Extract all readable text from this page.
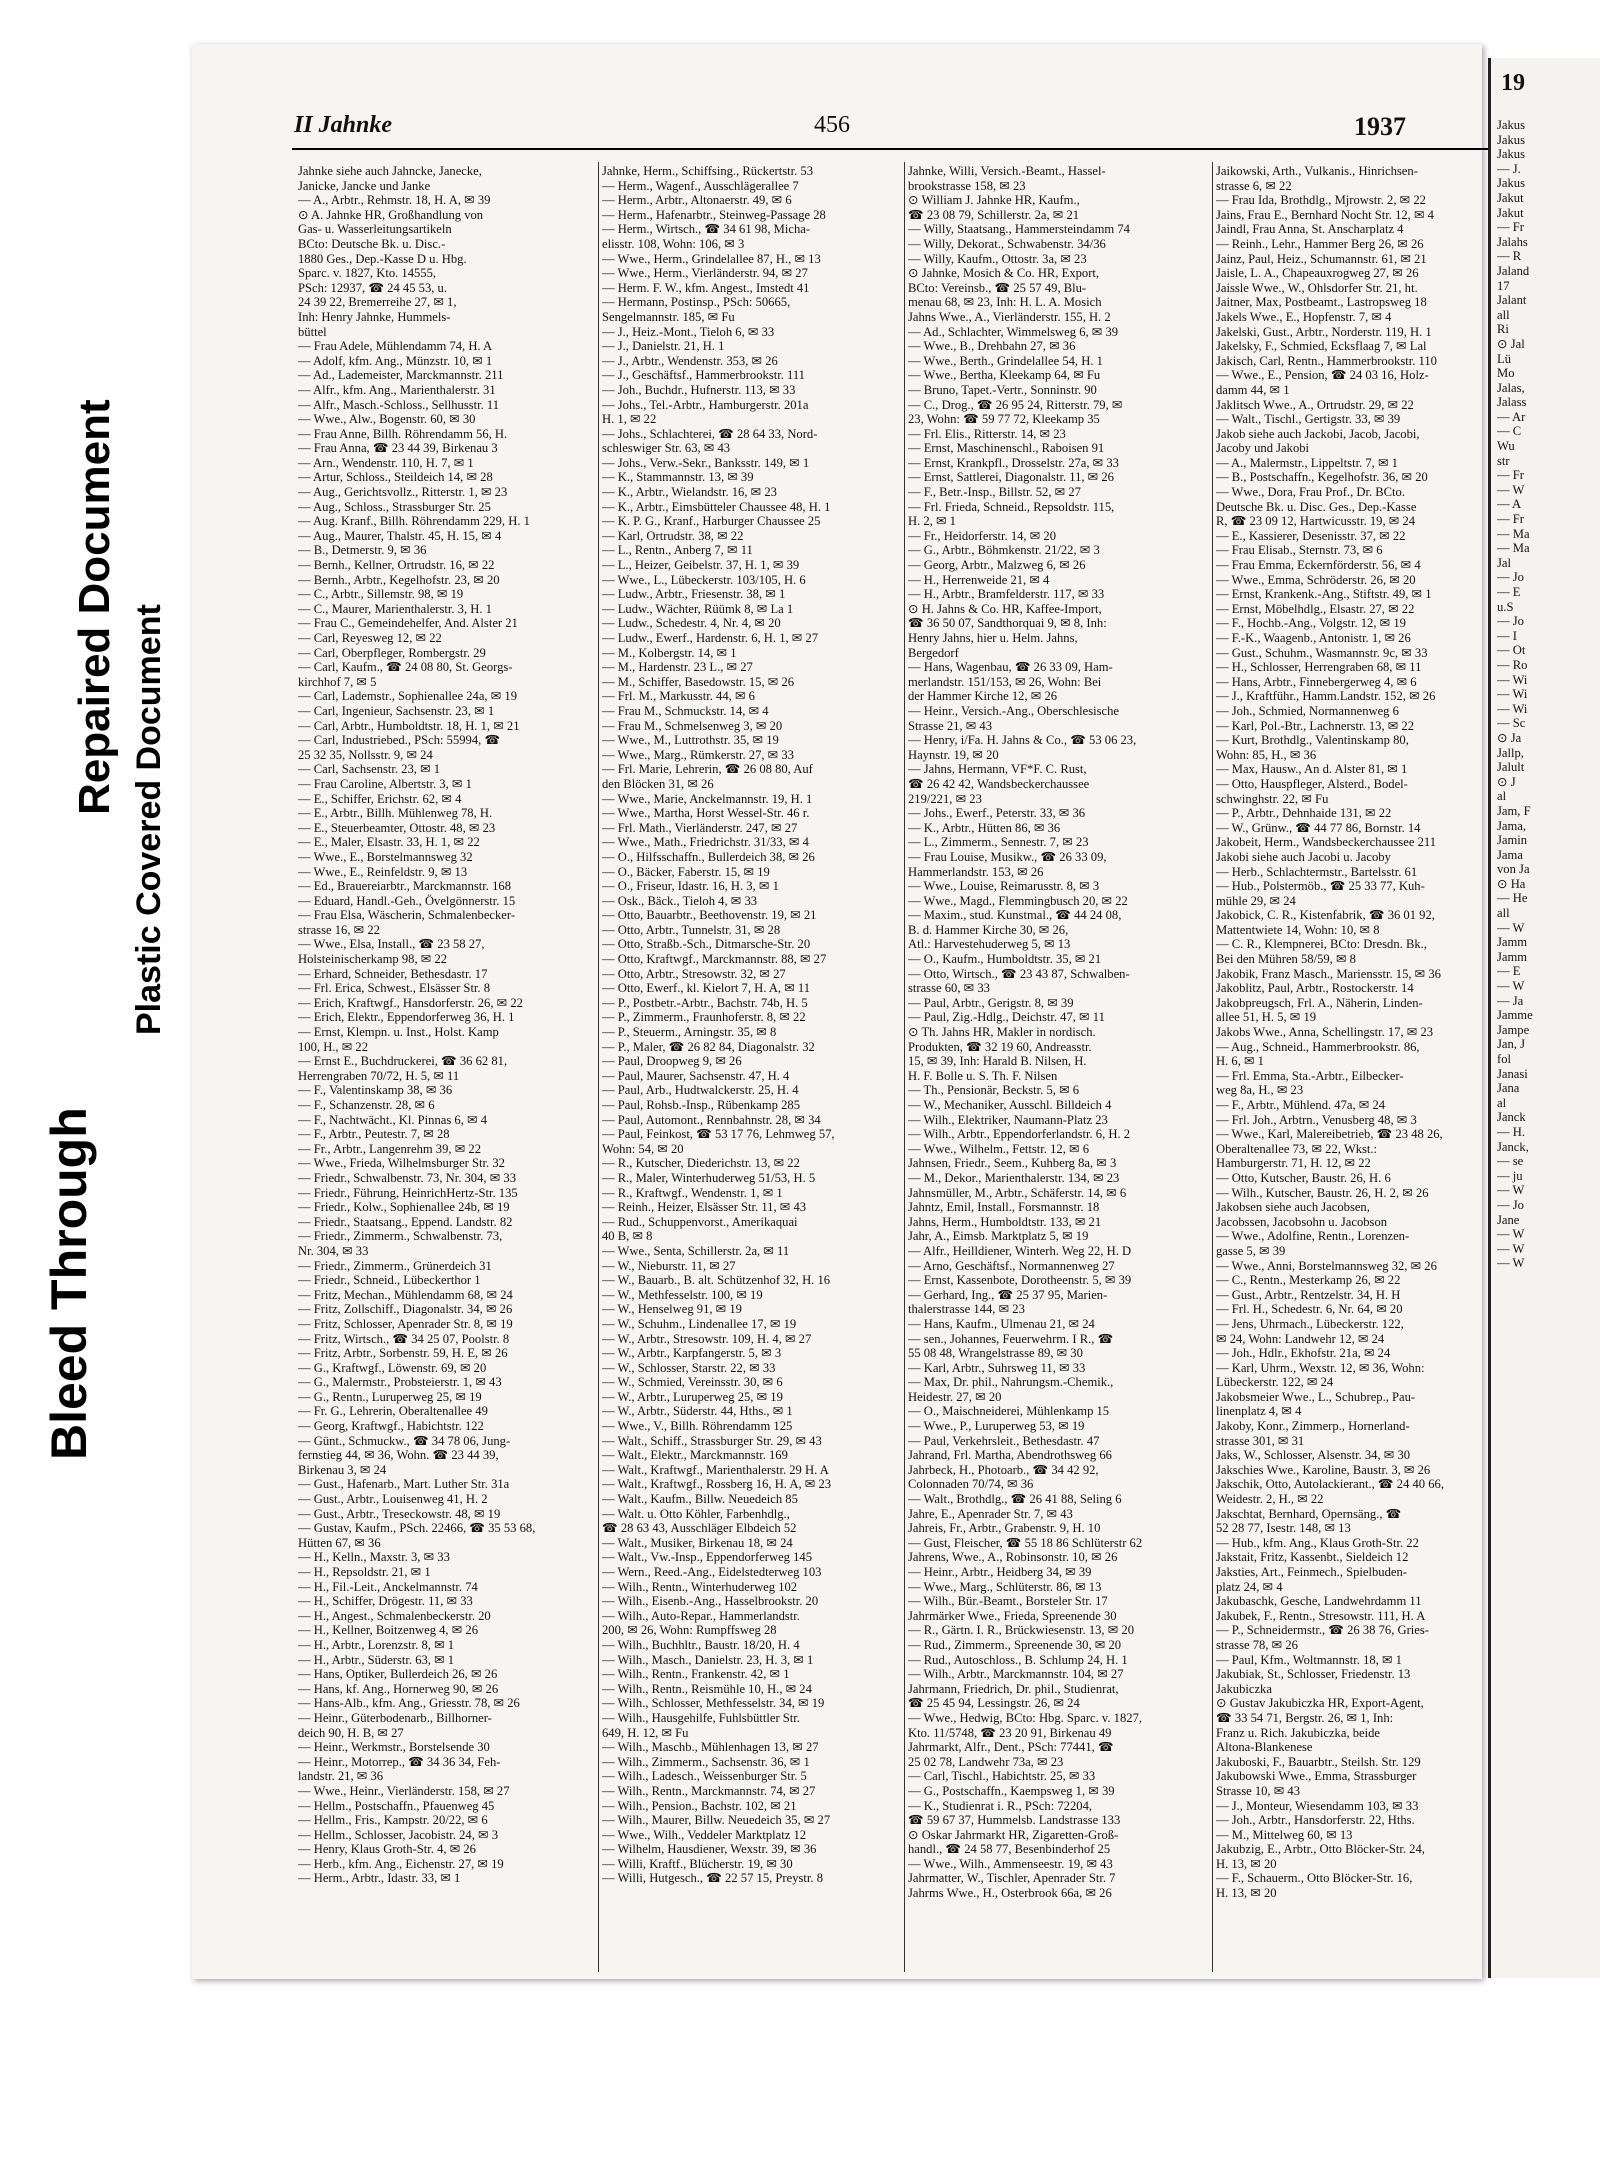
Bleed Through
Repaired Document Plastic Covered Document
II Jahnke	456	1937
Jahnke siehe auch Jahncke, Janecke,
Janicke, Jancke und Janke
— A., Arbtr., Rehmstr. 18, H. A, ✉ 39
⊙ A. Jahnke HR, Großhandlung von
Gas- u. Wasserleitungsartikeln
BCto: Deutsche Bk. u. Disc.-
1880 Ges., Dep.-Kasse D u. Hbg.
Sparc. v. 1827, Kto. 14555,
PSch: 12937, ☎ 24 45 53, u.
24 39 22, Bremerreihe 27, ✉ 1,
Inh: Henry Jahnke, Hummels-
büttel
— Frau Adele, Mühlendamm 74, H. A
— Adolf, kfm. Ang., Münzstr. 10, ✉ 1
— Ad., Lademeister, Marckmannstr. 211
— Alfr., kfm. Ang., Marienthalerstr. 31
— Alfr., Masch.-Schloss., Sellhusstr. 11
— Wwe., Alw., Bogenstr. 60, ✉ 30
— Frau Anne, Billh. Röhrendamm 56, H.
— Frau Anna, ☎ 23 44 39, Birkenau 3
— Arn., Wendenstr. 110, H. 7, ✉ 1
— Artur, Schloss., Steildeich 14, ✉ 28
— Aug., Gerichtsvollz., Ritterstr. 1, ✉ 23
— Aug., Schloss., Strassburger Str. 25
— Aug. Kranf., Billh. Röhrendamm 229, H. 1
— Aug., Maurer, Thalstr. 45, H. 15, ✉ 4
— B., Detmerstr. 9, ✉ 36
— Bernh., Kellner, Ortrudstr. 16, ✉ 22
— Bernh., Arbtr., Kegelhofstr. 23, ✉ 20
— C., Arbtr., Sillemstr. 98, ✉ 19
— C., Maurer, Marienthalerstr. 3, H. 1
— Frau C., Gemeindehelfer, And. Alster 21
— Carl, Reyesweg 12, ✉ 22
— Carl, Oberpfleger, Rombergstr. 29
— Carl, Kaufm., ☎ 24 08 80, St. Georgs-
kirchhof 7, ✉ 5
— Carl, Lademstr., Sophienallee 24a, ✉ 19
— Carl, Ingenieur, Sachsenstr. 23, ✉ 1
— Carl, Arbtr., Humboldtstr. 18, H. 1, ✉ 21
— Carl, Industriebed., PSch: 55994, ☎
25 32 35, Nollsstr. 9, ✉ 24
— Carl, Sachsenstr. 23, ✉ 1
— Frau Caroline, Albertstr. 3, ✉ 1
— E., Schiffer, Erichstr. 62, ✉ 4
— E., Arbtr., Billh. Mühlenweg 78, H.
— E., Steuerbeamter, Ottostr. 48, ✉ 23
— E., Maler, Elsastr. 33, H. 1, ✉ 22
— Wwe., E., Borstelmannsweg 32
— Wwe., E., Reinfeldstr. 9, ✉ 13
— Ed., Brauereiarbtr., Marckmannstr. 168
— Eduard, Handl.-Geh., Övelgönnerstr. 15
— Frau Elsa, Wäscherin, Schmalenbecker-
strasse 16, ✉ 22
— Wwe., Elsa, Install., ☎ 23 58 27,
Holsteinischerkamp 98, ✉ 22
— Erhard, Schneider, Bethesdastr. 17
— Frl. Erica, Schwest., Elsässer Str. 8
— Erich, Kraftwgf., Hansdorferstr. 26, ✉ 22
— Erich, Elektr., Eppendorferweg 36, H. 1
— Ernst, Klempn. u. Inst., Holst. Kamp
100, H., ✉ 22
— Ernst E., Buchdruckerei, ☎ 36 62 81,
Herrengraben 70/72, H. 5, ✉ 11
— F., Valentinskamp 38, ✉ 36
— F., Schanzenstr. 28, ✉ 6
— F., Nachtwächt., Kl. Pinnas 6, ✉ 4
— F., Arbtr., Peutestr. 7, ✉ 28
— Fr., Arbtr., Langenrehm 39, ✉ 22
— Wwe., Frieda, Wilhelmsburger Str. 32
— Friedr., Schwalbenstr. 73, Nr. 304, ✉ 33
— Friedr., Führung, HeinrichHertz-Str. 135
— Friedr., Kolw., Sophienallee 24b, ✉ 19
— Friedr., Staatsang., Eppend. Landstr. 82
— Friedr., Zimmerm., Schwalbenstr. 73,
Nr. 304, ✉ 33
— Friedr., Zimmerm., Grünerdeich 31
— Friedr., Schneid., Lübeckerthor 1
— Fritz, Mechan., Mühlendamm 68, ✉ 24
— Fritz, Zollschiff., Diagonalstr. 34, ✉ 26
— Fritz, Schlosser, Apenrader Str. 8, ✉ 19
— Fritz, Wirtsch., ☎ 34 25 07, Poolstr. 8
— Fritz, Arbtr., Sorbenstr. 59, H. E, ✉ 26
— G., Kraftwgf., Löwenstr. 69, ✉ 20
— G., Malermstr., Probsteierstr. 1, ✉ 43
— G., Rentn., Luruperweg 25, ✉ 19
— Fr. G., Lehrerin, Oberaltenallee 49
— Georg, Kraftwgf., Habichtstr. 122
— Günt., Schmuckw., ☎ 34 78 06, Jung-
fernstieg 44, ✉ 36, Wohn. ☎ 23 44 39,
Birkenau 3, ✉ 24
— Gust., Hafenarb., Mart. Luther Str. 31a
— Gust., Arbtr., Louisenweg 41, H. 2
— Gust., Arbtr., Treseckowstr. 48, ✉ 19
— Gustav, Kaufm., PSch. 22466, ☎ 35 53 68,
Hütten 67, ✉ 36
— H., Kelln., Maxstr. 3, ✉ 33
— H., Repsoldstr. 21, ✉ 1
— H., Fil.-Leit., Anckelmannstr. 74
— H., Schiffer, Drögestr. 11, ✉ 33
— H., Angest., Schmalenbeckerstr. 20
— H., Kellner, Boitzenweg 4, ✉ 26
— H., Arbtr., Lorenzstr. 8, ✉ 1
— H., Arbtr., Süderstr. 63, ✉ 1
— Hans, Optiker, Bullerdeich 26, ✉ 26
— Hans, kf. Ang., Hornerweg 90, ✉ 26
— Hans-Alb., kfm. Ang., Griesstr. 78, ✉ 26
— Heinr., Güterbodenarb., Billhorner-
deich 90, H. B, ✉ 27
— Heinr., Werkmstr., Borstelsende 30
— Heinr., Motorrep., ☎ 34 36 34, Feh-
landstr. 21, ✉ 36
— Wwe., Heinr., Vierländerstr. 158, ✉ 27
— Hellm., Postschaffn., Pfauenweg 45
— Hellm., Fris., Kampstr. 20/22, ✉ 6
— Hellm., Schlosser, Jacobistr. 24, ✉ 3
— Henry, Klaus Groth-Str. 4, ✉ 26
— Herb., kfm. Ang., Eichenstr. 27, ✉ 19
— Herm., Arbtr., Idastr. 33, ✉ 1
Jahnke, Herm., Schiffsing., Rückertstr. 53
— Herm., Wagenf., Ausschlägerallee 7
— Herm., Arbtr., Altonaerstr. 49, ✉ 6
— Herm., Hafenarbtr., Steinweg-Passage 28
— Herm., Wirtsch., ☎ 34 61 98, Micha-
elisstr. 108, Wohn: 106, ✉ 3
— Wwe., Herm., Grindelallee 87, H., ✉ 13
— Wwe., Herm., Vierländerstr. 94, ✉ 27
— Herm. F. W., kfm. Angest., Imstedt 41
— Hermann, Postinsp., PSch: 50665,
Sengelmannstr. 185, ✉ Fu
— J., Heiz.-Mont., Tieloh 6, ✉ 33
— J., Danielstr. 21, H. 1
— J., Arbtr., Wendenstr. 353, ✉ 26
— J., Geschäftsf., Hammerbrookstr. 111
— Joh., Buchdr., Hufnerstr. 113, ✉ 33
— Johs., Tel.-Arbtr., Hamburgerstr. 201a
H. 1, ✉ 22
— Johs., Schlachterei, ☎ 28 64 33, Nord-
schleswiger Str. 63, ✉ 43
— Johs., Verw.-Sekr., Banksstr. 149, ✉ 1
— K., Stammannstr. 13, ✉ 39
— K., Arbtr., Wielandstr. 16, ✉ 23
— K., Arbtr., Eimsbütteler Chaussee 48, H. 1
— K. P. G., Kranf., Harburger Chaussee 25
— Karl, Ortrudstr. 38, ✉ 22
— L., Rentn., Anberg 7, ✉ 11
— L., Heizer, Geibelstr. 37, H. 1, ✉ 39
— Wwe., L., Lübeckerstr. 103/105, H. 6
— Ludw., Arbtr., Friesenstr. 38, ✉ 1
— Ludw., Wächter, Rüümk 8, ✉ La 1
— Ludw., Schedestr. 4, Nr. 4, ✉ 20
— Ludw., Ewerf., Hardenstr. 6, H. 1, ✉ 27
— M., Kolbergstr. 14, ✉ 1
— M., Hardenstr. 23 L., ✉ 27
— M., Schiffer, Basedowstr. 15, ✉ 26
— Frl. M., Markusstr. 44, ✉ 6
— Frau M., Schmuckstr. 14, ✉ 4
— Frau M., Schmelsenweg 3, ✉ 20
— Wwe., M., Luttrothstr. 35, ✉ 19
— Wwe., Marg., Rümkerstr. 27, ✉ 33
— Frl. Marie, Lehrerin, ☎ 26 08 80, Auf
den Blöcken 31, ✉ 26
— Wwe., Marie, Anckelmannstr. 19, H. 1
— Wwe., Martha, Horst Wessel-Str. 46 r.
— Frl. Math., Vierländerstr. 247, ✉ 27
— Wwe., Math., Friedrichstr. 31/33, ✉ 4
— O., Hilfsschaffn., Bullerdeich 38, ✉ 26
— O., Bäcker, Faberstr. 15, ✉ 19
— O., Friseur, Idastr. 16, H. 3, ✉ 1
— Osk., Bäck., Tieloh 4, ✉ 33
— Otto, Bauarbtr., Beethovenstr. 19, ✉ 21
— Otto, Arbtr., Tunnelstr. 31, ✉ 28
— Otto, Straßb.-Sch., Ditmarsche-Str. 20
— Otto, Kraftwgf., Marckmannstr. 88, ✉ 27
— Otto, Arbtr., Stresowstr. 32, ✉ 27
— Otto, Ewerf., kl. Kielort 7, H. A, ✉ 11
— P., Postbetr.-Arbtr., Bachstr. 74b, H. 5
— P., Zimmerm., Fraunhoferstr. 8, ✉ 22
— P., Steuerm., Arningstr. 35, ✉ 8
— P., Maler, ☎ 26 82 84, Diagonalstr. 32
— Paul, Droopweg 9, ✉ 26
— Paul, Maurer, Sachsenstr. 47, H. 4
— Paul, Arb., Hudtwalckerstr. 25, H. 4
— Paul, Rohsb.-Insp., Rübenkamp 285
— Paul, Automont., Rennbahnstr. 28, ✉ 34
— Paul, Feinkost, ☎ 53 17 76, Lehmweg 57,
Wohn: 54, ✉ 20
— R., Kutscher, Diederichstr. 13, ✉ 22
— R., Maler, Winterhuderweg 51/53, H. 5
— R., Kraftwgf., Wendenstr. 1, ✉ 1
— Reinh., Heizer, Elsässer Str. 11, ✉ 43
— Rud., Schuppenvorst., Amerikaquai
40 B, ✉ 8
— Wwe., Senta, Schillerstr. 2a, ✉ 11
— W., Nieburstr. 11, ✉ 27
— W., Bauarb., B. alt. Schützenhof 32, H. 16
— W., Methfesselstr. 100, ✉ 19
— W., Henselweg 91, ✉ 19
— W., Schuhm., Lindenallee 17, ✉ 19
— W., Arbtr., Stresowstr. 109, H. 4, ✉ 27
— W., Arbtr., Karpfangerstr. 5, ✉ 3
— W., Schlosser, Starstr. 22, ✉ 33
— W., Schmied, Vereinsstr. 30, ✉ 6
— W., Arbtr., Luruperweg 25, ✉ 19
— W., Arbtr., Süderstr. 44, Hths., ✉ 1
— Wwe., V., Billh. Röhrendamm 125
— Walt., Schiff., Strassburger Str. 29, ✉ 43
— Walt., Elektr., Marckmannstr. 169
— Walt., Kraftwgf., Marienthalerstr. 29 H. A
— Walt., Kraftwgf., Rossberg 16, H. A, ✉ 23
— Walt., Kaufm., Billw. Neuedeich 85
— Walt. u. Otto Köhler, Farbenhdlg.,
☎ 28 63 43, Ausschläger Elbdeich 52
— Walt., Musiker, Birkenau 18, ✉ 24
— Walt., Vw.-Insp., Eppendorferweg 145
— Wern., Reed.-Ang., Eidelstedterweg 103
— Wilh., Rentn., Winterhuderweg 102
— Wilh., Eisenb.-Ang., Hasselbrookstr. 20
— Wilh., Auto-Repar., Hammerlandstr.
200, ✉ 26, Wohn: Rumpffsweg 28
— Wilh., Buchhltr., Baustr. 18/20, H. 4
— Wilh., Masch., Danielstr. 23, H. 3, ✉ 1
— Wilh., Rentn., Frankenstr. 42, ✉ 1
— Wilh., Rentn., Reismühle 10, H., ✉ 24
— Wilh., Schlosser, Methfesselstr. 34, ✉ 19
— Wilh., Hausgehilfe, Fuhlsbüttler Str.
649, H. 12, ✉ Fu
— Wilh., Maschb., Mühlenhagen 13, ✉ 27
— Wilh., Zimmerm., Sachsenstr. 36, ✉ 1
— Wilh., Ladesch., Weissenburger Str. 5
— Wilh., Rentn., Marckmannstr. 74, ✉ 27
— Wilh., Pension., Bachstr. 102, ✉ 21
— Wilh., Maurer, Billw. Neuedeich 35, ✉ 27
— Wwe., Wilh., Veddeler Marktplatz 12
— Wilhelm, Hausdiener, Wexstr. 39, ✉ 36
— Willi, Kraftf., Blücherstr. 19, ✉ 30
— Willi, Hutgesch., ☎ 22 57 15, Preystr. 8
Jahnke, Willi, Versich.-Beamt., Hassel-
brookstrasse 158, ✉ 23
⊙ William J. Jahnke HR, Kaufm.,
☎ 23 08 79, Schillerstr. 2a, ✉ 21
— Willy, Staatsang., Hammersteindamm 74
— Willy, Dekorat., Schwabenstr. 34/36
— Willy, Kaufm., Ottostr. 3a, ✉ 23
⊙ Jahnke, Mosich & Co. HR, Export,
BCto: Vereinsb., ☎ 25 57 49, Blu-
menau 68, ✉ 23, Inh: H. L. A. Mosich
Jahns Wwe., A., Vierländerstr. 155, H. 2
— Ad., Schlachter, Wimmelsweg 6, ✉ 39
— Wwe., B., Drehbahn 27, ✉ 36
— Wwe., Berth., Grindelallee 54, H. 1
— Wwe., Bertha, Kleekamp 64, ✉ Fu
— Bruno, Tapet.-Vertr., Sonninstr. 90
— C., Drog., ☎ 26 95 24, Ritterstr. 79, ✉
23, Wohn: ☎ 59 77 72, Kleekamp 35
— Frl. Elis., Ritterstr. 14, ✉ 23
— Ernst, Maschinenschl., Raboisen 91
— Ernst, Krankpfl., Drosselstr. 27a, ✉ 33
— Ernst, Sattlerei, Diagonalstr. 11, ✉ 26
— F., Betr.-Insp., Billstr. 52, ✉ 27
— Frl. Frieda, Schneid., Repsoldstr. 115,
H. 2, ✉ 1
— Fr., Heidorferstr. 14, ✉ 20
— G., Arbtr., Böhmkenstr. 21/22, ✉ 3
— Georg, Arbtr., Malzweg 6, ✉ 26
— H., Herrenweide 21, ✉ 4
— H., Arbtr., Bramfelderstr. 117, ✉ 33
⊙ H. Jahns & Co. HR, Kaffee-Import,
☎ 36 50 07, Sandthorquai 9, ✉ 8, Inh:
Henry Jahns, hier u. Helm. Jahns,
Bergedorf
— Hans, Wagenbau, ☎ 26 33 09, Ham-
merlandstr. 151/153, ✉ 26, Wohn: Bei
der Hammer Kirche 12, ✉ 26
— Heinr., Versich.-Ang., Oberschlesische
Strasse 21, ✉ 43
— Henry, i/Fa. H. Jahns & Co., ☎ 53 06 23,
Haynstr. 19, ✉ 20
— Jahns, Hermann, VF*F. C. Rust,
☎ 26 42 42, Wandsbeckerchaussee
219/221, ✉ 23
— Johs., Ewerf., Peterstr. 33, ✉ 36
— K., Arbtr., Hütten 86, ✉ 36
— L., Zimmerm., Sennestr. 7, ✉ 23
— Frau Louise, Musikw., ☎ 26 33 09,
Hammerlandstr. 153, ✉ 26
— Wwe., Louise, Reimarusstr. 8, ✉ 3
— Wwe., Magd., Flemmingbusch 20, ✉ 22
— Maxim., stud. Kunstmal., ☎ 44 24 08,
B. d. Hammer Kirche 30, ✉ 26,
Atl.: Harvestehuderweg 5, ✉ 13
— O., Kaufm., Humboldtstr. 35, ✉ 21
— Otto, Wirtsch., ☎ 23 43 87, Schwalben-
strasse 60, ✉ 33
— Paul, Arbtr., Gerigstr. 8, ✉ 39
— Paul, Zig.-Hdlg., Deichstr. 47, ✉ 11
⊙ Th. Jahns HR, Makler in nordisch.
Produkten, ☎ 32 19 60, Andreasstr.
15, ✉ 39, Inh: Harald B. Nilsen, H.
H. F. Bolle u. S. Th. F. Nilsen
— Th., Pensionär, Beckstr. 5, ✉ 6
— W., Mechaniker, Ausschl. Billdeich 4
— Wilh., Elektriker, Naumann-Platz 23
— Wilh., Arbtr., Eppendorferlandstr. 6, H. 2
— Wwe., Wilhelm., Fettstr. 12, ✉ 6
Jahnsen, Friedr., Seem., Kuhberg 8a, ✉ 3
— M., Dekor., Marienthalerstr. 134, ✉ 23
Jahnsmüller, M., Arbtr., Schäferstr. 14, ✉ 6
Jahntz, Emil, Install., Forsmannstr. 18
Jahns, Herm., Humboldtstr. 133, ✉ 21
Jahr, A., Eimsb. Marktplatz 5, ✉ 19
— Alfr., Heilldiener, Winterh. Weg 22, H. D
— Arno, Geschäftsf., Normannenweg 27
— Ernst, Kassenbote, Dorotheenstr. 5, ✉ 39
— Gerhard, Ing., ☎ 25 37 95, Marien-
thalerstrasse 144, ✉ 23
— Hans, Kaufm., Ulmenau 21, ✉ 24
— sen., Johannes, Feuerwehrm. I R., ☎
55 08 48, Wrangelstrasse 89, ✉ 30
— Karl, Arbtr., Suhrsweg 11, ✉ 33
— Max, Dr. phil., Nahrungsm.-Chemik.,
Heidestr. 27, ✉ 20
— O., Maischneiderei, Mühlenkamp 15
— Wwe., P., Luruperweg 53, ✉ 19
— Paul, Verkehrsleit., Bethesdastr. 47
Jahrand, Frl. Martha, Abendrothsweg 66
Jahrbeck, H., Photoarb., ☎ 34 42 92,
Colonnaden 70/74, ✉ 36
— Walt., Brothdlg., ☎ 26 41 88, Seling 6
Jahre, E., Apenrader Str. 7, ✉ 43
Jahreis, Fr., Arbtr., Grabenstr. 9, H. 10
— Gust, Fleischer, ☎ 55 18 86 Schlüterstr 62
Jahrens, Wwe., A., Robinsonstr. 10, ✉ 26
— Heinr., Arbtr., Heidberg 34, ✉ 39
— Wwe., Marg., Schlüterstr. 86, ✉ 13
— Wilh., Bür.-Beamt., Borsteler Str. 17
Jahrmärker Wwe., Frieda, Spreenende 30
— R., Gärtn. I. R., Brückwiesenstr. 13, ✉ 20
— Rud., Zimmerm., Spreenende 30, ✉ 20
— Rud., Autoschloss., B. Schlump 24, H. 1
— Wilh., Arbtr., Marckmannstr. 104, ✉ 27
Jahrmann, Friedrich, Dr. phil., Studienrat,
☎ 25 45 94, Lessingstr. 26, ✉ 24
— Wwe., Hedwig, BCto: Hbg. Sparc. v. 1827,
Kto. 11/5748, ☎ 23 20 91, Birkenau 49
Jahrmarkt, Alfr., Dent., PSch: 77441, ☎
25 02 78, Landwehr 73a, ✉ 23
— Carl, Tischl., Habichtstr. 25, ✉ 33
— G., Postschaffn., Kaempsweg 1, ✉ 39
— K., Studienrat i. R., PSch: 72204,
☎ 59 67 37, Hummelsb. Landstrasse 133
⊙ Oskar Jahrmarkt HR, Zigaretten-Groß-
handl., ☎ 24 58 77, Besenbinderhof 25
— Wwe., Wilh., Ammenseestr. 19, ✉ 43
Jahrmatter, W., Tischler, Apenrader Str. 7
Jahrms Wwe., H., Osterbrook 66a, ✉ 26
Jaikowski, Arth., Vulkanis., Hinrichsen-
strasse 6, ✉ 22
— Frau Ida, Brothdlg., Mjrowstr. 2, ✉ 22
Jains, Frau E., Bernhard Nocht Str. 12, ✉ 4
Jaindl, Frau Anna, St. Anscharplatz 4
— Reinh., Lehr., Hammer Berg 26, ✉ 26
Jainz, Paul, Heiz., Schumannstr. 61, ✉ 21
Jaisle, L. A., Chapeauxrogweg 27, ✉ 26
Jaissle Wwe., W., Ohlsdorfer Str. 21, ht.
Jaitner, Max, Postbeamt., Lastropsweg 18
Jakels Wwe., E., Hopfenstr. 7, ✉ 4
Jakelski, Gust., Arbtr., Norderstr. 119, H. 1
Jakelsky, F., Schmied, Ecksflaag 7, ✉ Lal
Jakisch, Carl, Rentn., Hammerbrookstr. 110
— Wwe., E., Pension, ☎ 24 03 16, Holz-
damm 44, ✉ 1
Jaklitsch Wwe., A., Ortrudstr. 29, ✉ 22
— Walt., Tischl., Gertigstr. 33, ✉ 39
Jakob siehe auch Jackobi, Jacob, Jacobi,
Jacoby und Jakobi
— A., Malermstr., Lippeltstr. 7, ✉ 1
— B., Postschaffn., Kegelhofstr. 36, ✉ 20
— Wwe., Dora, Frau Prof., Dr. BCto.
Deutsche Bk. u. Disc. Ges., Dep.-Kasse
R, ☎ 23 09 12, Hartwicusstr. 19, ✉ 24
— E., Kassierer, Desenisstr. 37, ✉ 22
— Frau Elisab., Sternstr. 73, ✉ 6
— Frau Emma, Eckernförderstr. 56, ✉ 4
— Wwe., Emma, Schröderstr. 26, ✉ 20
— Ernst, Krankenk.-Ang., Stiftstr. 49, ✉ 1
— Ernst, Möbelhdlg., Elsastr. 27, ✉ 22
— F., Hochb.-Ang., Volgstr. 12, ✉ 19
— F.-K., Waagenb., Antonistr. 1, ✉ 26
— Gust., Schuhm., Wasmannstr. 9c, ✉ 33
— H., Schlosser, Herrengraben 68, ✉ 11
— Hans, Arbtr., Finnebergerweg 4, ✉ 6
— J., Kraftführ., Hamm.Landstr. 152, ✉ 26
— Joh., Schmied, Normannenweg 6
— Karl, Pol.-Btr., Lachnerstr. 13, ✉ 22
— Kurt, Brothdlg., Valentinskamp 80,
Wohn: 85, H., ✉ 36
— Max, Hausw., An d. Alster 81, ✉ 1
— Otto, Hauspfleger, Alsterd., Bodel-
schwinghstr. 22, ✉ Fu
— P., Arbtr., Dehnhaide 131, ✉ 22
— W., Grünw., ☎ 44 77 86, Bornstr. 14
Jakobeit, Herm., Wandsbeckerchaussee 211
Jakobi siehe auch Jacobi u. Jacoby
— Herb., Schlachtermstr., Bartelsstr. 61
— Hub., Polstermöb., ☎ 25 33 77, Kuh-
mühle 29, ✉ 24
Jakobick, C. R., Kistenfabrik, ☎ 36 01 92,
Mattentwiete 14, Wohn: 10, ✉ 8
— C. R., Klempnerei, BCto: Dresdn. Bk.,
Bei den Mühren 58/59, ✉ 8
Jakobik, Franz Masch., Mariensstr. 15, ✉ 36
Jakoblitz, Paul, Arbtr., Rostockerstr. 14
Jakobpreugsch, Frl. A., Näherin, Linden-
allee 51, H. 5, ✉ 19
Jakobs Wwe., Anna, Schellingstr. 17, ✉ 23
— Aug., Schneid., Hammerbrookstr. 86,
H. 6, ✉ 1
— Frl. Emma, Sta.-Arbtr., Eilbecker-
weg 8a, H., ✉ 23
— F., Arbtr., Mühlend. 47a, ✉ 24
— Frl. Joh., Arbtrn., Venusberg 48, ✉ 3
— Wwe., Karl, Malereibetrieb, ☎ 23 48 26,
Oberaltenallee 73, ✉ 22, Wkst.:
Hamburgerstr. 71, H. 12, ✉ 22
— Otto, Kutscher, Baustr. 26, H. 6
— Wilh., Kutscher, Baustr. 26, H. 2, ✉ 26
Jakobsen siehe auch Jacobsen,
Jacobssen, Jacobsohn u. Jacobson
— Wwe., Adolfine, Rentn., Lorenzen-
gasse 5, ✉ 39
— Wwe., Anni, Borstelmannsweg 32, ✉ 26
— C., Rentn., Mesterkamp 26, ✉ 22
— Gust., Arbtr., Rentzelstr. 34, H. H
— Frl. H., Schedestr. 6, Nr. 64, ✉ 20
— Jens, Uhrmach., Lübeckerstr. 122,
✉ 24, Wohn: Landwehr 12, ✉ 24
— Joh., Hdlr., Ekhofstr. 21a, ✉ 24
— Karl, Uhrm., Wexstr. 12, ✉ 36, Wohn:
Lübeckerstr. 122, ✉ 24
Jakobsmeier Wwe., L., Schubrep., Pau-
linenplatz 4, ✉ 4
Jakoby, Konr., Zimmerp., Hornerland-
strasse 301, ✉ 31
Jaks, W., Schlosser, Alsenstr. 34, ✉ 30
Jakschies Wwe., Karoline, Baustr. 3, ✉ 26
Jakschik, Otto, Autolackierant., ☎ 24 40 66,
Weidestr. 2, H., ✉ 22
Jakschtat, Bernhard, Opernsäng., ☎
52 28 77, Isestr. 148, ✉ 13
— Hub., kfm. Ang., Klaus Groth-Str. 22
Jakstait, Fritz, Kassenbt., Sieldeich 12
Jaksties, Art., Feinmech., Spielbuden-
platz 24, ✉ 4
Jakubaschk, Gesche, Landwehrdamm 11
Jakubek, F., Rentn., Stresowstr. 111, H. A
— P., Schneidermstr., ☎ 26 38 76, Gries-
strasse 78, ✉ 26
— Paul, Kfm., Woltmannstr. 18, ✉ 1
Jakubiak, St., Schlosser, Friedenstr. 13
Jakubiczka
⊙ Gustav Jakubiczka HR, Export-Agent,
☎ 33 54 71, Bergstr. 26, ✉ 1, Inh:
Franz u. Rich. Jakubiczka, beide
Altona-Blankenese
Jakuboski, F., Bauarbtr., Steilsh. Str. 129
Jakubowski Wwe., Emma, Strassburger
Strasse 10, ✉ 43
— J., Monteur, Wiesendamm 103, ✉ 33
— Joh., Arbtr., Hansdorferstr. 22, Hths.
— M., Mittelweg 60, ✉ 13
Jakubzig, E., Arbtr., Otto Blöcker-Str. 24,
H. 13, ✉ 20
— F., Schauerm., Otto Blöcker-Str. 16,
H. 13, ✉ 20
19
Jakus
Jakus
Jakus
— J.
Jakus
Jakut
Jakut
— Fr
Jalahs
— R
Jaland
17
Jalant
all
Ri
⊙ Jal
Lü
Mo
Jalas,
Jalass
— Ar
— C
Wu
str
— Fr
— W
— A
— Fr
— Ma
— Ma
Jal
— Jo
— E
u.S
— Jo
— I
— Ot
— Ro
— Wi
— Wi
— Wi
— Sc
⊙ Ja
Jallp,
Jalult
⊙ J
al
Jam, F
Jama,
Jamin
Jama
von Ja
⊙ Ha
— He
all
— W
Jamm
Jamm
— E
— W
— Ja
Jamme
Jampe
Jan, J
fol
Janasi
Jana
al
Janck
— H.
Janck,
— se
— ju
— W
— Jo
Jane
— W
— W
— W
